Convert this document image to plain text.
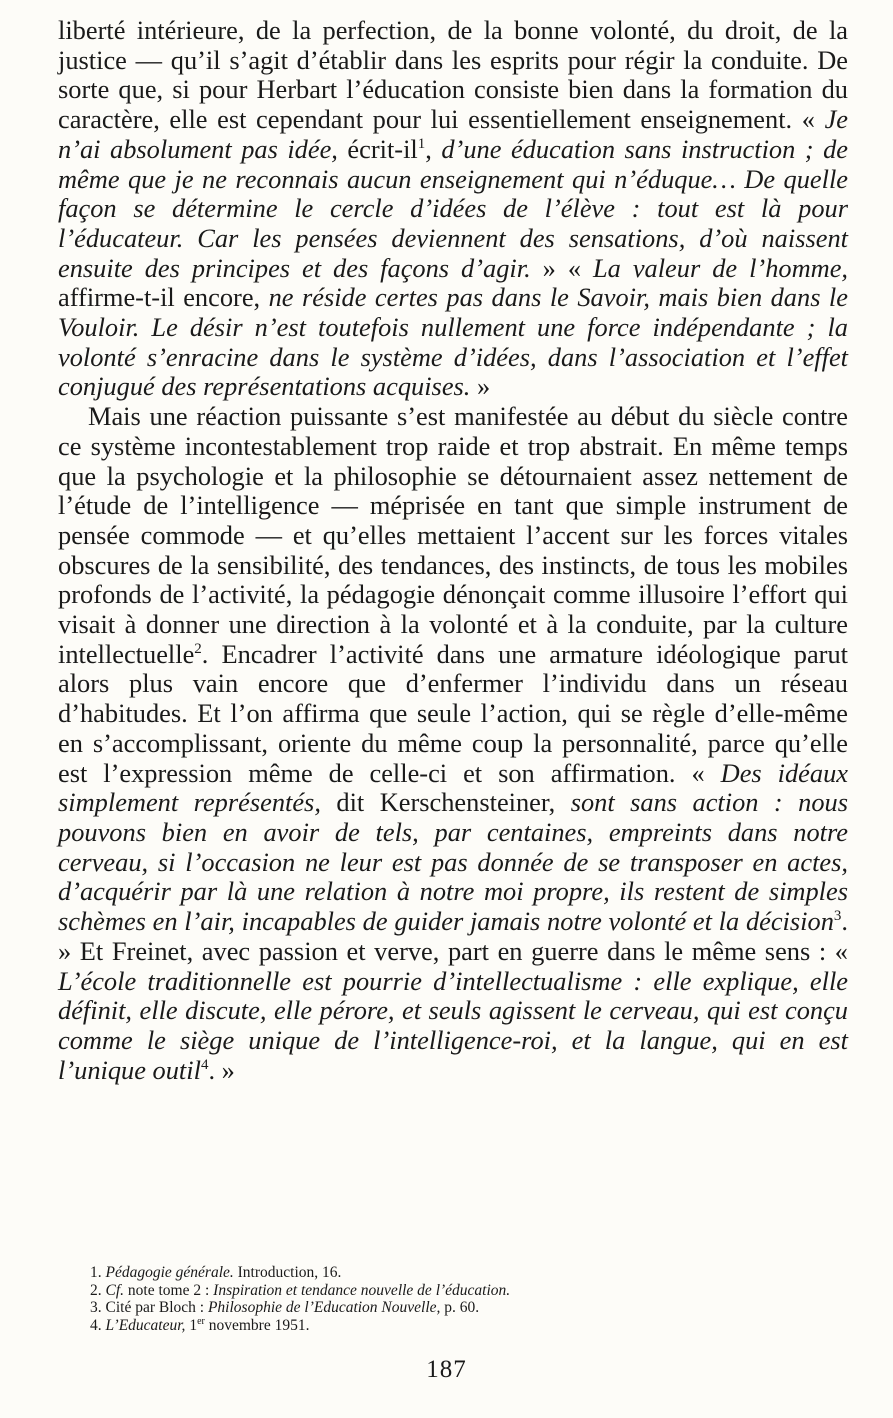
liberté intérieure, de la perfection, de la bonne volonté, du droit, de la justice — qu’il s’agit d’établir dans les esprits pour régir la conduite. De sorte que, si pour Herbart l’éducation consiste bien dans la formation du caractère, elle est cependant pour lui essentiellement enseignement. « Je n’ai absolument pas idée, écrit-$il^1$, d’une éducation sans instruction ; de même que je ne reconnais aucun enseignement qui n’éduque… De quelle façon se détermine le cercle d’idées de l’élève : tout est là pour l’éducateur. Car les pensées deviennent des sensations, d’où naissent ensuite des principes et des façons d’agir. » « La valeur de l’homme, affirme-t-il encore, ne réside certes pas dans le Savoir, mais bien dans le Vouloir. Le désir n’est toutefois nullement une force indépendante ; la volonté s’enracine dans le système d’idées, dans l’association et l’effet conjugué des représentations acquises. »

Mais une réaction puissante s’est manifestée au début du siècle contre ce système incontestablement trop raide et trop abstrait. En même temps que la psychologie et la philosophie se détournaient assez nettement de l’étude de l’intelligence — méprisée en tant que simple instrument de pensée commode — et qu’elles mettaient l’accent sur les forces vitales obscures de la sensibilité, des tendances, des instincts, de tous les mobiles profonds de l’activité, la pédagogie dénonçait comme illusoire l’effort qui visait à donner une direction à la volonté et à la conduite, par la culture intellectuelle$^2$. Encadrer l’activité dans une armature idéologique parut alors plus vain encore que d’enfermer l’individu dans un réseau d’habitudes. Et l’on affirma que seule l’action, qui se règle d’elle-même en s’accomplissant, oriente du même coup la personnalité, parce qu’elle est l’expression même de celle-ci et son affirmation. « Des idéaux simplement représentés, dit Kerschensteiner, sont sans action : nous pouvons bien en avoir de tels, par centaines, empreints dans notre cerveau, si l’occasion ne leur est pas donnée de se transposer en actes, d’acquérir par là une relation à notre moi propre, ils restent de simples schèmes en l’air, incapables de guider jamais notre volonté et la décision$^3$. » Et Freinet, avec passion et verve, part en guerre dans le même sens : « L’école traditionnelle est pourrie d’intellectualisme : elle explique, elle définit, elle discute, elle pérore, et seuls agissent le cerveau, qui est conçu comme le siège unique de l’intelligence-roi, et la langue, qui en est l’unique outil$^4$. »

1. Pédagogie générale. Introduction, 16.

2. Cf. note tome 2 : Inspiration et tendance nouvelle de l’éducation.

3. Cité par Bloch : Philosophie de l’Education Nouvelle, p. 60.

4. L’Educateur, 1er novembre 1951.

187
